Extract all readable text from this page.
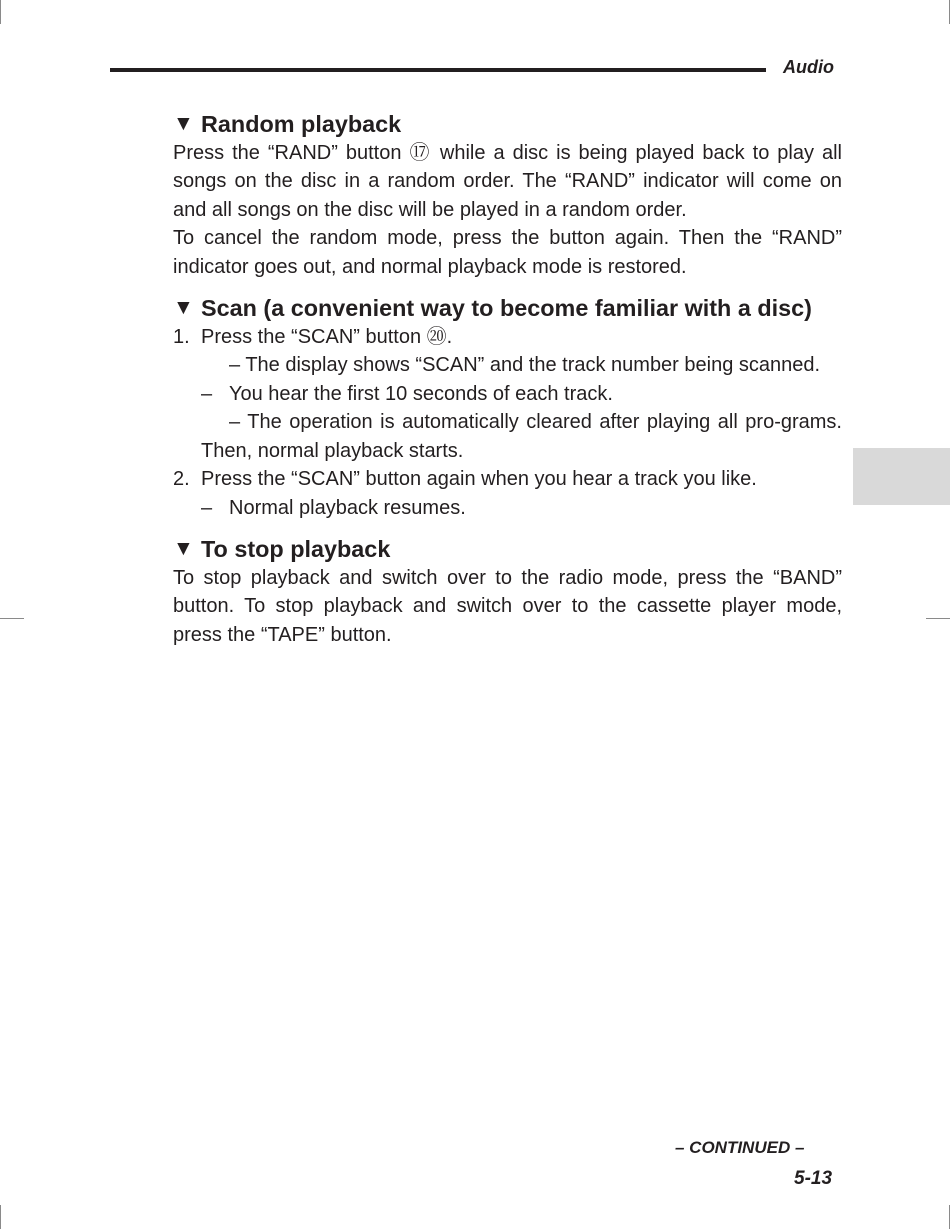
Audio
▼ Random playback

Press the “RAND” button ⑰ while a disc is being played back to play all songs on the disc in a random order. The “RAND” indicator will come on and all songs on the disc will be played in a random order.

To cancel the random mode, press the button again. Then the “RAND” indicator goes out, and normal playback mode is restored.

▼ Scan (a convenient way to become familiar with a disc)

1. Press the “SCAN” button ⑳.

– The display shows “SCAN” and the track number being scanned.

– You hear the first 10 seconds of each track.

– The operation is automatically cleared after playing all pro-grams. Then, normal playback starts.

2. Press the “SCAN” button again when you hear a track you like.

– Normal playback resumes.

▼ To stop playback

To stop playback and switch over to the radio mode, press the “BAND” button. To stop playback and switch over to the cassette player mode, press the “TAPE” button.

– CONTINUED –
5-13
